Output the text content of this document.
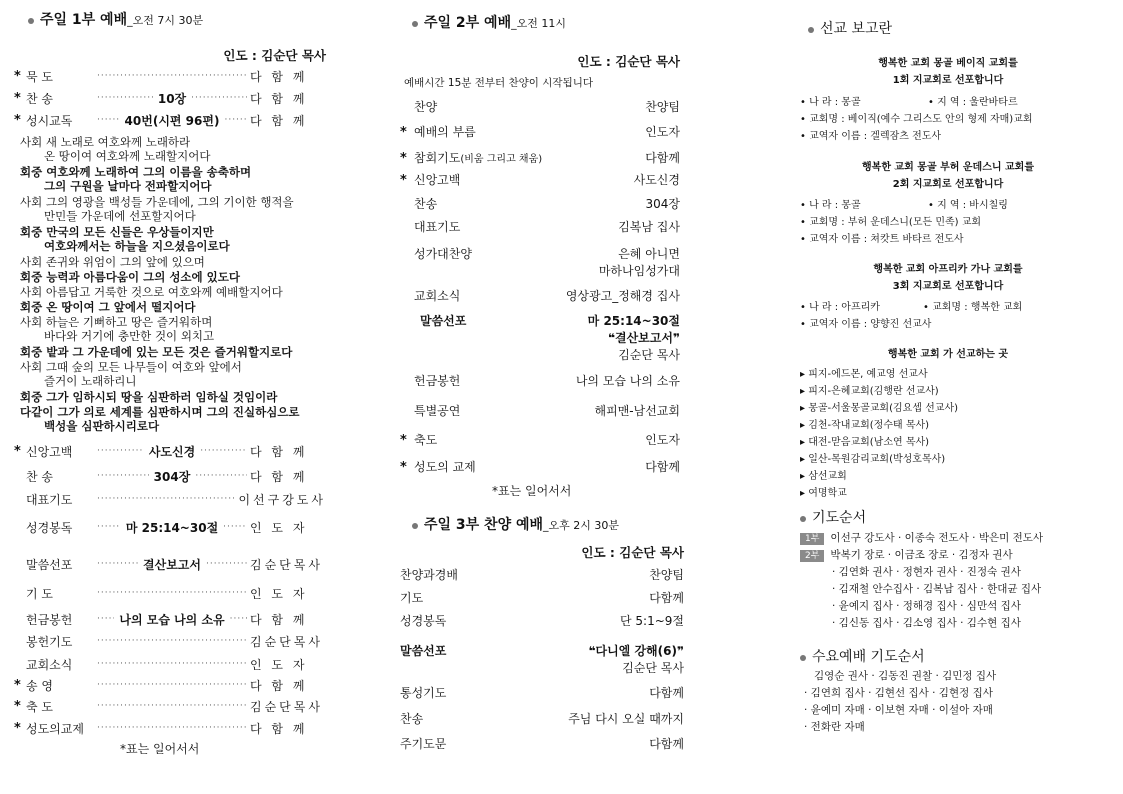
주일 1부 예배_오전 7시 30분
인도 : 김순단 목사
* 묵 도 ·····	다 함 께
* 찬 송 ·····	10장 ·····	다 함 께
* 성시교독 ·····	40번(시편 96편) ·····	다 함 께
사회 새 노래로 여호와께 노래하라
온 땅이여 여호와께 노래할지어다
회중 여호와께 노래하여 그의 이름을 송축하며
그의 구원을 날마다 전파할지어다
사회 그의 영광을 백성들 가운데에, 그의 기이한 행적을
만민들 가운데에 선포할지어다
회중 만국의 모든 신들은 우상들이지만
여호와께서는 하늘을 지으셨음이로다
사회 존귀와 위엄이 그의 앞에 있으며
회중 능력과 아름다움이 그의 성소에 있도다
사회 아름답고 거룩한 것으로 여호와께 예배할지어다
회중 온 땅이여 그 앞에서 떨지어다
사회 하늘은 기뻐하고 땅은 즐거워하며
바다와 거기에 충만한 것이 외치고
회중 밭과 그 가운데에 있는 모든 것은 즐거워할지로다
사회 그때 숲의 모든 나무들이 여호와 앞에서
즐거이 노래하리니
회중 그가 임하시되 땅을 심판하러 임하실 것임이라
다같이 그가 의로 세계를 심판하시며 그의 진실하심으로
백성을 심판하시리로다
* 신앙고백 ·····	사도신경 ·····	다 함 께
찬 송 ·····	304장 ·····	다 함 께
대표기도 ·····	이선구강도사
성경봉독 ·····	마 25:14~30절 ·····	인 도 자
말씀선포 ·····	결산보고서 ·····	김순단목사
기 도 ·····	인 도 자
헌금봉헌 ·····	나의 모습 나의 소유 ····· 다 함 께
봉헌기도 ·····	김순단목사
교회소식 ·····	인 도 자
* 송 영 ·····	다 함 께
* 축 도 ·····	김순단목사
* 성도의교제 ·····	다 함 께
*표는 일어서서
주일 2부 예배_오전 11시
인도 : 김순단 목사
예배시간 15분 전부터 찬양이 시작됩니다
찬양	찬양팀
* 예배의 부름	인도자
* 참회기도(비움 그리고 채움)	다함께
* 신앙고백	사도신경
찬송	304장
대표기도	김복남 집사
성가대찬양	은혜 아니면
마하나임성가대
교회소식	영상광고_정해경 집사
말씀선포	마 25:14~30절
❝결산보고서❞
김순단 목사
헌금봉헌	나의 모습 나의 소유
특별공연	해피맨-남선교회
* 축도	인도자
* 성도의 교제	다함께
*표는 일어서서
주일 3부 찬양 예배_오후 2시 30분
인도 : 김순단 목사
찬양과경배	찬양팀
기도	다함께
성경봉독	단 5:1~9절
말씀선포	❝다니엘 강해(6)❞
김순단 목사
통성기도	다함께
찬송	주님 다시 오실 때까지
주기도문	다함께
선교 보고란
행복한 교회 몽골 베이직 교회를
1회 지교회로 선포합니다
• 나 라 : 몽골	• 지 역 : 울란바타르
• 교회명 : 베이직(예수 그리스도 안의 형제 자매)교회
• 교역자 이름 : 겔렉잠츠 전도사
행복한 교회 몽골 부허 운데스니 교회를
2회 지교회로 선포합니다
• 나 라 : 몽골	• 지 역 : 바시칠링
• 교회명 : 부허 운데스니(모든 민족) 교회
• 교역자 이름 : 쳐캇트 바타르 전도사
행복한 교회 아프리카 가나 교회를
3회 지교회로 선포합니다
• 나 라 : 아프리카	• 교회명 : 행복한 교회
• 교역자 이름 : 양향진 선교사
행복한 교회 가 선교하는 곳
▸ 피지-에드몬, 예교영 선교사
▸ 피지-은혜교회(김행란 선교사)
▸ 몽골-서울몽골교회(김요셉 선교사)
▸ 김천-작내교회(정수태 목사)
▸ 대전-맏음교회(남소연 목사)
▸ 일산-목원감리교회(박성호목사)
▸ 삼선교회
▸ 여명학교
기도순서
1부 이선구 강도사 · 이종숙 전도사 · 박은미 전도사
2부 박복기 장로 · 이금조 장로 · 김정자 권사
· 김연화 권사 · 정현자 권사 · 진정숙 권사
· 김재철 안수집사 · 김복남 집사 · 한대균 집사
· 윤예지 집사 · 정해경 집사 · 심만석 집사
· 김신동 집사 · 김소영 집사 · 김수현 집사
수요예배 기도순서
김영순 권사 · 김동진 권찰 · 김민정 집사
· 김연희 집사 · 김현선 집사 · 김현정 집사
· 윤예미 자매 · 이보현 자매 · 이설아 자매
· 전화란 자매
